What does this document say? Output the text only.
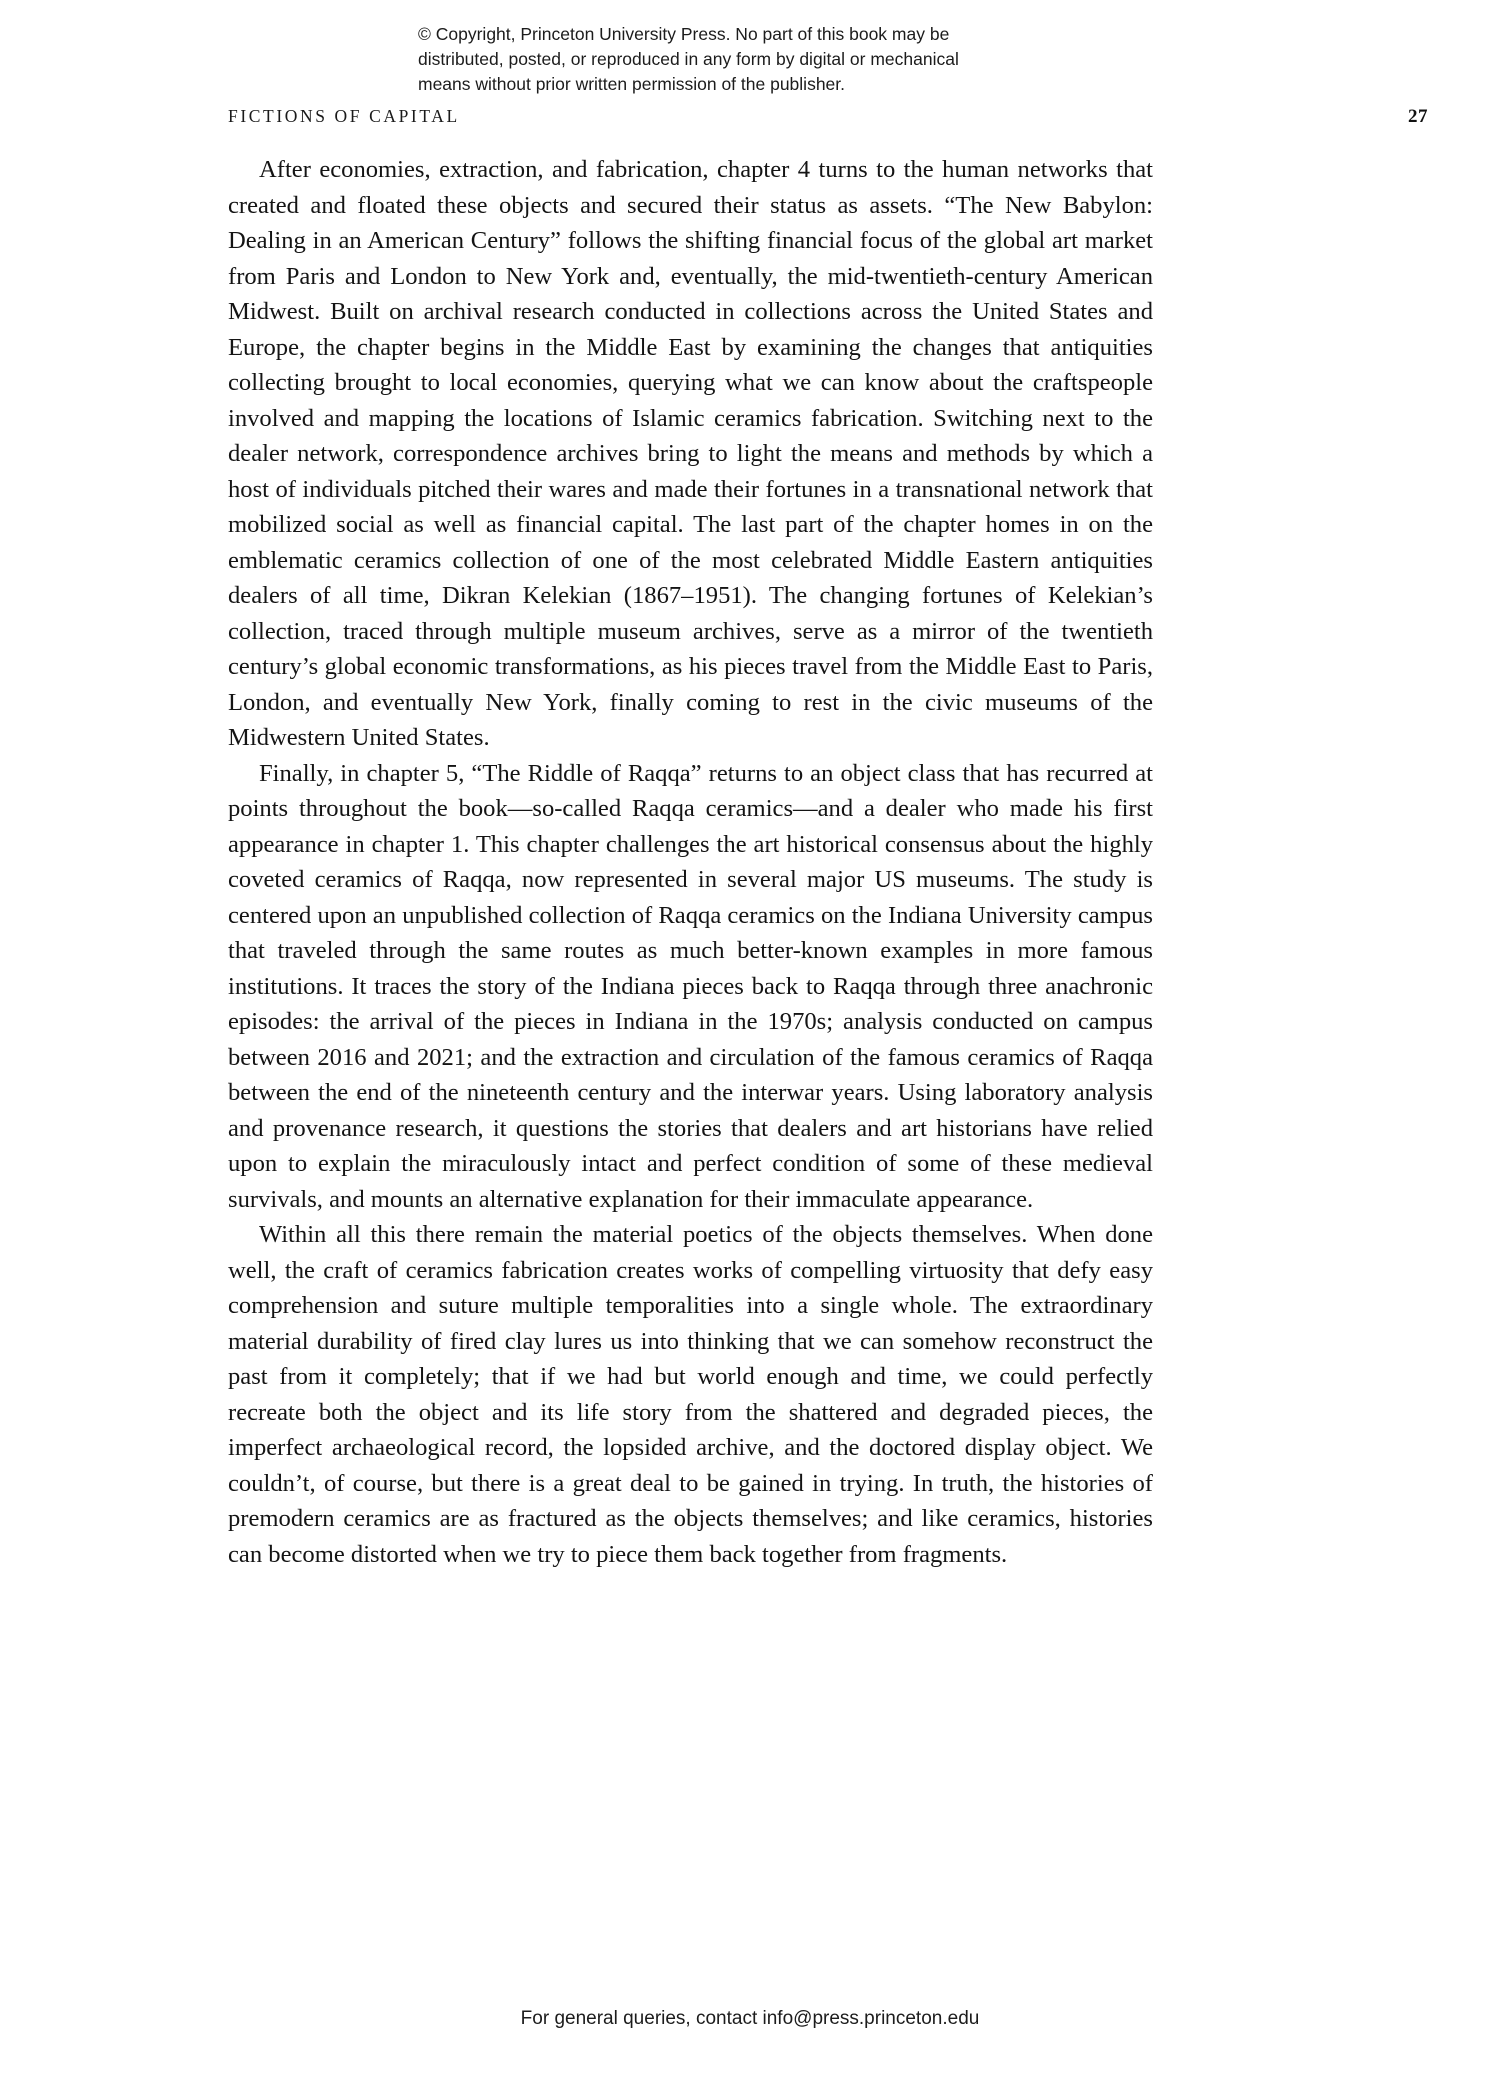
© Copyright, Princeton University Press. No part of this book may be
distributed, posted, or reproduced in any form by digital or mechanical
means without prior written permission of the publisher.
FICTIONS OF CAPITAL	27

After economies, extraction, and fabrication, chapter 4 turns to the human networks that created and floated these objects and secured their status as assets. “The New Babylon: Dealing in an American Century” follows the shifting financial focus of the global art market from Paris and London to New York and, eventually, the mid-twentieth-century American Midwest. Built on archival research conducted in collections across the United States and Europe, the chapter begins in the Middle East by examining the changes that antiquities collecting brought to local economies, querying what we can know about the craftspeople involved and mapping the locations of Islamic ceramics fabrication. Switching next to the dealer network, correspondence archives bring to light the means and methods by which a host of individuals pitched their wares and made their fortunes in a transnational network that mobilized social as well as financial capital. The last part of the chapter homes in on the emblematic ceramics collection of one of the most celebrated Middle Eastern antiquities dealers of all time, Dikran Kelekian (1867–1951). The changing fortunes of Kelekian’s collection, traced through multiple museum archives, serve as a mirror of the twentieth century’s global economic transformations, as his pieces travel from the Middle East to Paris, London, and eventually New York, finally coming to rest in the civic museums of the Midwestern United States.

Finally, in chapter 5, “The Riddle of Raqqa” returns to an object class that has recurred at points throughout the book—so-called Raqqa ceramics—and a dealer who made his first appearance in chapter 1. This chapter challenges the art historical consensus about the highly coveted ceramics of Raqqa, now represented in several major US museums. The study is centered upon an unpublished collection of Raqqa ceramics on the Indiana University campus that traveled through the same routes as much better-known examples in more famous institutions. It traces the story of the Indiana pieces back to Raqqa through three anachronic episodes: the arrival of the pieces in Indiana in the 1970s; analysis conducted on campus between 2016 and 2021; and the extraction and circulation of the famous ceramics of Raqqa between the end of the nineteenth century and the interwar years. Using laboratory analysis and provenance research, it questions the stories that dealers and art historians have relied upon to explain the miraculously intact and perfect condition of some of these medieval survivals, and mounts an alternative explanation for their immaculate appearance.

Within all this there remain the material poetics of the objects themselves. When done well, the craft of ceramics fabrication creates works of compelling virtuosity that defy easy comprehension and suture multiple temporalities into a single whole. The extraordinary material durability of fired clay lures us into thinking that we can somehow reconstruct the past from it completely; that if we had but world enough and time, we could perfectly recreate both the object and its life story from the shattered and degraded pieces, the imperfect archaeological record, the lopsided archive, and the doctored display object. We couldn’t, of course, but there is a great deal to be gained in trying. In truth, the histories of premodern ceramics are as fractured as the objects themselves; and like ceramics, histories can become distorted when we try to piece them back together from fragments.

For general queries, contact info@press.princeton.edu
